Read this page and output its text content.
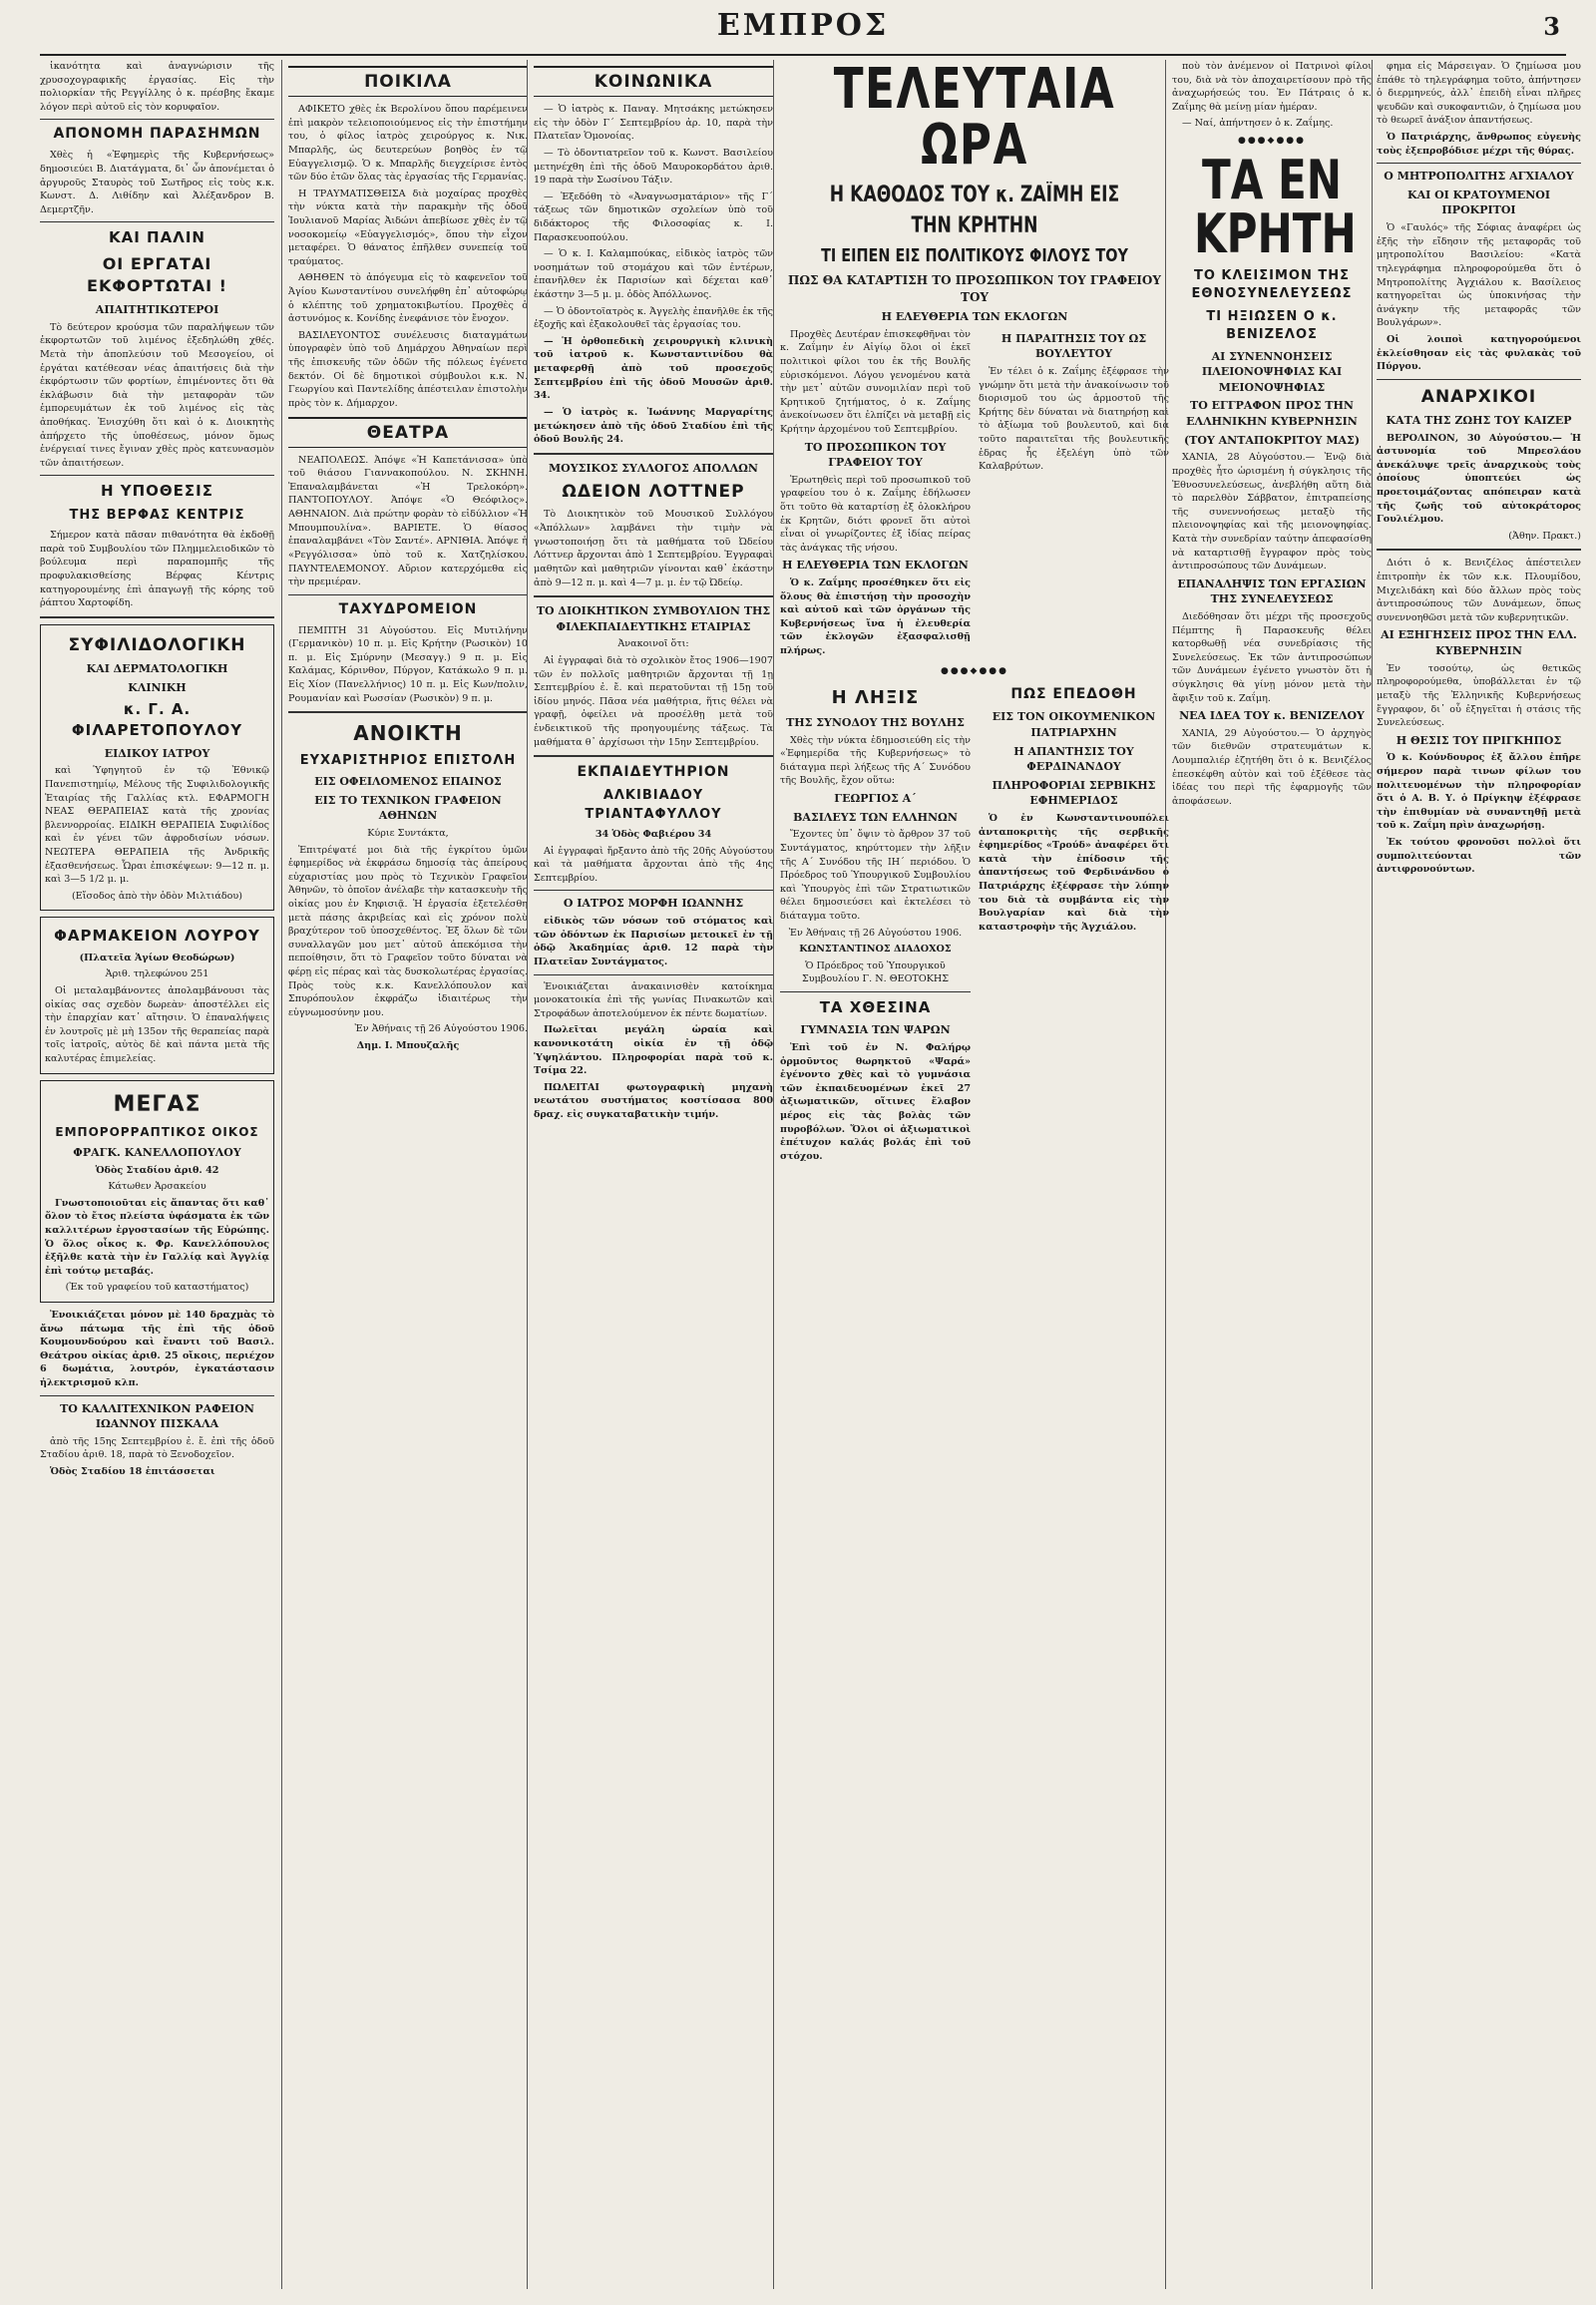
ΕΜΠΡΟΣ	3

ἱκανότητα καὶ ἀναγνώρισιν τῆς χρυσοχογραφικῆς ἐργασίας. Εἰς τὴν πολιορκίαν τῆς Ρεγγίλλης ὁ κ. πρέσβης ἔκαμε λόγον περὶ αὐτοῦ εἰς τὸν κορυφαῖον.

ΑΠΟΝΟΜΗ ΠΑΡΑΣΗΜΩΝ

Χθὲς ἡ «Ἐφημερὶς τῆς Κυβερνήσεως» δημοσιεύει Β. Διατάγματα, δι᾽ ὧν ἀπονέμεται ὁ ἀργυροῦς Σταυρὸς τοῦ Σωτῆρος εἰς τοὺς κ.κ. Κωνστ. Δ. Λιθίδην καὶ Ἀλέξανδρον Β. Δεμερτζῆν.

ΚΑΙ ΠΑΛΙΝ
ΟΙ ΕΡΓΑΤΑΙ ΕΚΦΟΡΤΩΤΑΙ !
ΑΠΑΙΤΗΤΙΚΩΤΕΡΟΙ

Τὸ δεύτερον κρούσμα τῶν παραλήψεων τῶν ἐκφορτωτῶν τοῦ λιμένος ἐξεδηλώθη χθές. Μετὰ τὴν ἀποπλεύσιν τοῦ Μεσογείου, οἱ ἐργάται κατέθεσαν νέας ἀπαιτήσεις διὰ τὴν ἐκφόρτωσιν τῶν φορτίων, ἐπιμένοντες ὅτι θὰ ἐκλάβωσιν διὰ τὴν μεταφορὰν τῶν ἐμπορευμάτων ἐκ τοῦ λιμένος εἰς τὰς ἀποθήκας. Ἐνισχύθη ὅτι καὶ ὁ κ. Διοικητὴς ἀπήρχετο τῆς ὑποθέσεως, μόνον ὅμως ἐνέργειαί τινες ἔγιναν χθὲς πρὸς κατευνασμὸν τῶν ἀπαιτήσεων.

Η ΥΠΟΘΕΣΙΣ
ΤΗΣ ΒΕΡΦΑΣ ΚΕΝΤΡΙΣ

Σήμερον κατὰ πᾶσαν πιθανότητα θὰ ἐκδοθῇ παρὰ τοῦ Συμβουλίου τῶν Πλημμελειοδικῶν τὸ βούλευμα περὶ παραπομπῆς τῆς προφυλακισθείσης Βέρφας Κέντρις κατηγορουμένης ἐπὶ ἀπαγωγῇ τῆς κόρης τοῦ ῥάπτου Χαρτοφίδη.

ΣΥΦΙΛΙΔΟΛΟΓΙΚΗ
ΚΑΙ ΔΕΡΜΑΤΟΛΟΓΙΚΗ
ΚΛΙΝΙΚΗ
κ. Γ. Α. ΦΙΛΑΡΕΤΟΠΟΥΛΟΥ
ΕΙΔΙΚΟΥ ΙΑΤΡΟΥ

καὶ Ὑφηγητοῦ ἐν τῷ Ἐθνικῷ Πανεπιστημίῳ, Μέλους τῆς Συφιλιδολογικῆς Ἑταιρίας τῆς Γαλλίας κτλ. ΕΦΑΡΜΟΓΗ ΝΕΑΣ ΘΕΡΑΠΕΙΑΣ κατὰ τῆς χρονίας βλεννορροίας. ΕΙΔΙΚΗ ΘΕΡΑΠΕΙΑ Συφιλίδος καὶ ἐν γένει τῶν ἀφροδισίων νόσων. ΝΕΩΤΕΡΑ ΘΕΡΑΠΕΙΑ τῆς Ἀνδρικῆς ἐξασθενήσεως. Ὧραι ἐπισκέψεων: 9—12 π. μ. καὶ 3—5 1/2 μ. μ.

(Εἴσοδος ἀπὸ τὴν ὁδὸν Μιλτιάδου)

ΦΑΡΜΑΚΕΙΟΝ ΛΟΥΡΟΥ

(Πλατεῖα Ἁγίων Θεοδώρων)

Ἀριθ. τηλεφώνου 251

Οἱ μεταλαμβάνοντες ἀπολαμβάνουσι τὰς οἰκίας σας σχεδὸν δωρεὰν· ἀποστέλλει εἰς τὴν ἐπαρχίαν κατ᾽ αἴτησιν. Ὁ ἐπαναλήψεις ἐν λουτροῖς μὲ μὴ 135ον τῆς θεραπείας παρὰ τοῖς ἱατροῖς, αὐτὸς δὲ καὶ πάντα μετὰ τῆς καλυτέρας ἐπιμελείας.

ΜΕΓΑΣ
ΕΜΠΟΡΟΡΡΑΠΤΙΚΟΣ ΟΙΚΟΣ
ΦΡΑΓΚ. ΚΑΝΕΛΛΟΠΟΥΛΟΥ

Ὁδὸς Σταδίου ἀριθ. 42

Κάτωθεν Ἀρσακείου

Γνωστοποιοῦται εἰς ἅπαντας ὅτι καθ᾽ ὅλον τὸ ἔτος πλείστα ὑφάσματα ἐκ τῶν καλλιτέρων ἐργοστασίων τῆς Εὐρώπης. Ὁ ὅλος οἶκος κ. Φρ. Κανελλόπουλος ἐξῆλθε κατὰ τὴν ἐν Γαλλίᾳ καὶ Ἀγγλίᾳ ἐπὶ τούτῳ μεταβάς.

(Ἐκ τοῦ γραφείου τοῦ καταστήματος)

Ἐνοικιάζεται μόνον μὲ 140 δραχμὰς τὸ ἄνω πάτωμα τῆς ἐπὶ τῆς ὁδοῦ Κουμουνδούρου καὶ ἔναντι τοῦ Βασιλ. Θεάτρου οἰκίας ἀριθ. 25 οἴκοις, περιέχον 6 δωμάτια, λουτρόν, ἐγκατάστασιν ἠλεκτρισμοῦ κλπ.

ΤΟ ΚΑΛΛΙΤΕΧΝΙΚΟΝ ΡΑΦΕΙΟΝ ΙΩΑΝΝΟΥ ΠΙΣΚΑΛΑ

ἀπὸ τῆς 15ης Σεπτεμβρίου ἐ. ἔ. ἐπὶ τῆς ὁδοῦ Σταδίου ἀριθ. 18, παρὰ τὸ Ξενοδοχεῖον.

Ὁδὸς Σταδίου 18 ἐπιτάσσεται

ΠΟΙΚΙΛΑ

ΑΦΙΚΕΤΟ χθὲς ἐκ Βερολίνου ὅπου παρέμεινεν ἐπὶ μακρὸν τελειοποιούμενος εἰς τὴν ἐπιστήμην του, ὁ φίλος ἰατρὸς χειρούργος κ. Νικ. Μπαρλῆς, ὡς δευτερεύων βοηθὸς ἐν τῷ Εὐαγγελισμῷ. Ὁ κ. Μπαρλῆς διεγχείρισε ἐντὸς τῶν δύο ἐτῶν ὅλας τὰς ἐργασίας τῆς Γερμανίας.

Η ΤΡΑΥΜΑΤΙΣΘΕΙΣΑ διὰ μοχαίρας προχθὲς τὴν νύκτα κατὰ τὴν παρακμὴν τῆς ὁδοῦ Ἰουλιανοῦ Μαρίας Ἀιδώνι ἀπεβίωσε χθὲς ἐν τῷ νοσοκομείῳ «Εὐαγγελισμός», ὅπου τὴν εἶχον μεταφέρει. Ὁ θάνατος ἐπῆλθεν συνεπείᾳ τοῦ τραύματος.

ΑΘΗΘΕΝ τὸ ἀπόγευμα εἰς τὸ καφενεῖον τοῦ Ἀγίου Κωνσταντίνου συνελήφθη ἐπ᾽ αὐτοφώρῳ ὁ κλέπτης τοῦ χρηματοκιβωτίου. Προχθὲς ὁ ἀστυνόμος κ. Κονίδης ἐνεφάνισε τὸν ἔνοχον.

ΒΑΣΙΛΕΥΟΝΤΟΣ συνέλευσις διαταγμάτων ὑπογραφὲν ὑπὸ τοῦ Δημάρχου Ἀθηναίων περὶ τῆς ἐπισκευῆς τῶν ὁδῶν τῆς πόλεως ἐγένετο δεκτόν. Οἱ δὲ δημοτικοὶ σύμβουλοι κ.κ. Ν. Γεωργίου καὶ Παντελίδης ἀπέστειλαν ἐπιστολὴν πρὸς τὸν κ. Δήμαρχον.

ΘΕΑΤΡΑ

ΝΕΑΠΟΛΕΩΣ. Ἀπόψε «Ἡ Καπετάνισσα» ὑπὸ τοῦ θιάσου Γιαννακοπούλου. Ν. ΣΚΗΝΗ. Ἐπαναλαμβάνεται «Ἡ Τρελοκόρη». ΠΑΝΤΟΠΟΥΛΟΥ. Ἀπόψε «Ὁ Θεόφιλος». ΑΘΗΝΑΙΟΝ. Διὰ πρώτην φορὰν τὸ εἰδύλλιον «Ἡ Μπουμπουλίνα». ΒΑΡΙΕΤΕ. Ὁ θίασος ἐπαναλαμβάνει «Τὸν Σαντέ». ΑΡΝΙΘΙΑ. Ἀπόψε ἡ «Ρεγγόλισσα» ὑπὸ τοῦ κ. Χατζηλίσκου. ΠΑΥΝΤΕΛΕΜΟΝΟΥ. Αὔριον κατερχόμεθα εἰς τὴν πρεμιέραν.

ΤΑΧΥΔΡΟΜΕΙΟΝ

ΠΕΜΠΤΗ 31 Αὐγούστου. Εἰς Μυτιλήνην (Γερμανικὸν) 10 π. μ. Εἰς Κρήτην (Ρωσικὸν) 10 π. μ. Εἰς Σμύρνην (Μεσαγγ.) 9 π. μ. Εἰς Καλάμας, Κόρινθον, Πύργον, Κατάκωλο 9 π. μ. Εἰς Χίον (Πανελλήνιος) 10 π. μ. Εἰς Κων/πολιν, Ρουμανίαν καὶ Ρωσσίαν (Ρωσικὸν) 9 π. μ.

ΑΝΟΙΚΤΗ
ΕΥΧΑΡΙΣΤΗΡΙΟΣ ΕΠΙΣΤΟΛΗ
ΕΙΣ ΟΦΕΙΛΟΜΕΝΟΣ ΕΠΑΙΝΟΣ
ΕΙΣ ΤΟ ΤΕΧΝΙΚΟΝ ΓΡΑΦΕΙΟΝ ΑΘΗΝΩΝ

Κύριε Συντάκτα,

Ἐπιτρέψατέ μοι διὰ τῆς ἐγκρίτου ὑμῶν ἐφημερίδος νὰ ἐκφράσω δημοσίᾳ τὰς ἀπείρους εὐχαριστίας μου πρὸς τὸ Τεχνικὸν Γραφεῖον Ἀθηνῶν, τὸ ὁποῖον ἀνέλαβε τὴν κατασκευὴν τῆς οἰκίας μου ἐν Κηφισιᾷ. Ἡ ἐργασία ἐξετελέσθη μετὰ πάσης ἀκριβείας καὶ εἰς χρόνον πολὺ βραχύτερον τοῦ ὑποσχεθέντος. Ἐξ ὅλων δὲ τῶν συναλλαγῶν μου μετ᾽ αὐτοῦ ἀπεκόμισα τὴν πεποίθησιν, ὅτι τὸ Γραφεῖον τοῦτο δύναται νὰ φέρῃ εἰς πέρας καὶ τὰς δυσκολωτέρας ἐργασίας. Πρὸς τοὺς κ.κ. Κανελλόπουλον καὶ Σπυρόπουλον ἐκφράζω ἰδιαιτέρως τὴν εὐγνωμοσύνην μου.

Ἐν Ἀθήναις τῇ 26 Αὐγούστου 1906.

Δημ. Ι. Μπουζαλῆς

ΚΟΙΝΩΝΙΚΑ

— Ὁ ἰατρὸς κ. Παναγ. Μητσάκης μετώκησεν εἰς τὴν ὁδὸν Γ΄ Σεπτεμβρίου ἀρ. 10, παρὰ τὴν Πλατεῖαν Ὁμονοίας.

— Τὸ ὀδοντιατρεῖον τοῦ κ. Κωνστ. Βασιλείου μετηνέχθη ἐπὶ τῆς ὁδοῦ Μαυροκορδάτου ἀριθ. 19 παρὰ τὴν Σωσίνου Τάξιν.

— Ἐξεδόθη τὸ «Ἀναγνωσματάριον» τῆς Γ΄ τάξεως τῶν δημοτικῶν σχολείων ὑπὸ τοῦ διδάκτορος τῆς Φιλοσοφίας κ. Ι. Παρασκευοπούλου.

— Ὁ κ. Ι. Καλαμπούκας, εἰδικὸς ἰατρὸς τῶν νοσημάτων τοῦ στομάχου καὶ τῶν ἐντέρων, ἐπανῆλθεν ἐκ Παρισίων καὶ δέχεται καθ᾽ ἑκάστην 3—5 μ. μ. ὁδὸς Ἀπόλλωνος.

— Ὁ ὀδοντοϊατρὸς κ. Ἀγγελὴς ἐπανῆλθε ἐκ τῆς ἐξοχῆς καὶ ἐξακολουθεῖ τὰς ἐργασίας του.

— Ἡ ὀρθοπεδικὴ χειρουργικὴ κλινικὴ τοῦ ἰατροῦ κ. Κωνσταντινίδου θὰ μεταφερθῇ ἀπὸ τοῦ προσεχοῦς Σεπτεμβρίου ἐπὶ τῆς ὁδοῦ Μουσῶν ἀριθ. 34.

— Ὁ ἰατρὸς κ. Ἰωάννης Μαργαρίτης μετώκησεν ἀπὸ τῆς ὁδοῦ Σταδίου ἐπὶ τῆς ὁδοῦ Βουλῆς 24.

ΜΟΥΣΙΚΟΣ ΣΥΛΛΟΓΟΣ ΑΠΟΛΛΩΝ
ΩΔΕΙΟΝ ΛΟΤΤΝΕΡ

Τὸ Διοικητικὸν τοῦ Μουσικοῦ Συλλόγου «Ἀπόλλων» λαμβάνει τὴν τιμὴν νὰ γνωστοποιήσῃ ὅτι τὰ μαθήματα τοῦ Ὠδείου Λόττνερ ἄρχονται ἀπὸ 1 Σεπτεμβρίου. Ἐγγραφαὶ μαθητῶν καὶ μαθητριῶν γίνονται καθ᾽ ἑκάστην ἀπὸ 9—12 π. μ. καὶ 4—7 μ. μ. ἐν τῷ Ὠδείῳ.

ΤΟ ΔΙΟΙΚΗΤΙΚΟΝ ΣΥΜΒΟΥΛΙΟΝ ΤΗΣ ΦΙΛΕΚΠΑΙΔΕΥΤΙΚΗΣ ΕΤΑΙΡΙΑΣ

Ἀνακοινοῖ ὅτι:

Αἱ ἐγγραφαὶ διὰ τὸ σχολικὸν ἔτος 1906—1907 τῶν ἐν πολλοῖς μαθητριῶν ἄρχονται τῇ 1ῃ Σεπτεμβρίου ἐ. ἔ. καὶ περατοῦνται τῇ 15ῃ τοῦ ἰδίου μηνός. Πᾶσα νέα μαθήτρια, ἥτις θέλει νὰ γραφῇ, ὀφείλει νὰ προσέλθῃ μετὰ τοῦ ἐνδεικτικοῦ τῆς προηγουμένης τάξεως. Τὰ μαθήματα θ᾽ ἀρχίσωσι τὴν 15ην Σεπτεμβρίου.

ΕΚΠΑΙΔΕΥΤΗΡΙΟΝ
ΑΛΚΙΒΙΑΔΟΥ ΤΡΙΑΝΤΑΦΥΛΛΟΥ

34 Ὁδὸς Φαβιέρου 34

Αἱ ἐγγραφαὶ ἤρξαντο ἀπὸ τῆς 20ῆς Αὐγούστου καὶ τὰ μαθήματα ἄρχονται ἀπὸ τῆς 4ης Σεπτεμβρίου.

Ο ΙΑΤΡΟΣ ΜΟΡΦΗ ΙΩΑΝΝΗΣ

εἰδικὸς τῶν νόσων τοῦ στόματος καὶ τῶν ὀδόντων ἐκ Παρισίων μετοικεῖ ἐν τῇ ὁδῷ Ἀκαδημίας ἀριθ. 12 παρὰ τὴν Πλατεῖαν Συντάγματος.

Ἐνοικιάζεται ἀνακαινισθὲν κατοίκημα μονοκατοικία ἐπὶ τῆς γωνίας Πινακωτῶν καὶ Στροφάδων ἀποτελούμενον ἐκ πέντε δωματίων.

Πωλεῖται μεγάλη ὡραία καὶ κανονικοτάτη οἰκία ἐν τῇ ὁδῷ Ὑψηλάντου. Πληροφορίαι παρὰ τοῦ κ. Τσίμα 22.

ΠΩΛΕΙΤΑΙ φωτογραφικὴ μηχανὴ νεωτάτου συστήματος κοστίσασα 800 δραχ. εἰς συγκαταβατικὴν τιμήν.

ΤΕΛΕΥΤΑΙΑ ΩΡΑ
Η ΚΑΘΟΔΟΣ ΤΟΥ κ. ΖΑΪΜΗ ΕΙΣ ΤΗΝ ΚΡΗΤΗΝ
ΤΙ ΕΙΠΕΝ ΕΙΣ ΠΟΛΙΤΙΚΟΥΣ ΦΙΛΟΥΣ ΤΟΥ
ΠΩΣ ΘΑ ΚΑΤΑΡΤΙΣΗ ΤΟ ΠΡΟΣΩΠΙΚΟΝ ΤΟΥ ΓΡΑΦΕΙΟΥ ΤΟΥ
Η ΕΛΕΥΘΕΡΙΑ ΤΩΝ ΕΚΛΟΓΩΝ

Προχθὲς Δευτέραν ἐπισκεφθῆναι τὸν κ. Ζαΐμην ἐν Αἰγίῳ ὅλοι οἱ ἐκεῖ πολιτικοὶ φίλοι του ἐκ τῆς Βουλῆς εὑρισκόμενοι. Λόγου γενομένου κατὰ τὴν μετ᾽ αὐτῶν συνομιλίαν περὶ τοῦ Κρητικοῦ ζητήματος, ὁ κ. Ζαΐμης ἀνεκοίνωσεν ὅτι ἐλπίζει νὰ μεταβῇ εἰς Κρήτην ἀρχομένου τοῦ Σεπτεμβρίου.

ΤΟ ΠΡΟΣΩΠΙΚΟΝ ΤΟΥ ΓΡΑΦΕΙΟΥ ΤΟΥ

Ἐρωτηθεὶς περὶ τοῦ προσωπικοῦ τοῦ γραφείου του ὁ κ. Ζαΐμης ἐδήλωσεν ὅτι τοῦτο θὰ καταρτίσῃ ἐξ ὁλοκλήρου ἐκ Κρητῶν, διότι φρονεῖ ὅτι αὐτοὶ εἶναι οἱ γνωρίζοντες ἐξ ἰδίας πείρας τὰς ἀνάγκας τῆς νήσου.

Η ΕΛΕΥΘΕΡΙΑ ΤΩΝ ΕΚΛΟΓΩΝ

Ὁ κ. Ζαΐμης προσέθηκεν ὅτι εἰς ὅλους θὰ ἐπιστήσῃ τὴν προσοχὴν καὶ αὐτοῦ καὶ τῶν ὀργάνων τῆς Κυβερνήσεως ἵνα ἡ ἐλευθερία τῶν ἐκλογῶν ἐξασφαλισθῇ πλήρως.

Η ΠΑΡΑΙΤΗΣΙΣ ΤΟΥ ΩΣ ΒΟΥΛΕΥΤΟΥ

Ἐν τέλει ὁ κ. Ζαΐμης ἐξέφρασε τὴν γνώμην ὅτι μετὰ τὴν ἀνακοίνωσιν τοῦ διορισμοῦ του ὡς ἁρμοστοῦ τῆς Κρήτης δὲν δύναται νὰ διατηρήσῃ καὶ τὸ ἀξίωμα τοῦ βουλευτοῦ, καὶ διὰ τοῦτο παραιτεῖται τῆς βουλευτικῆς ἐδρας ἧς ἐξελέγη ὑπὸ τῶν Καλαβρύτων.

●●●◆●●●
Η ΛΗΞΙΣ
ΤΗΣ ΣΥΝΟΔΟΥ ΤΗΣ ΒΟΥΛΗΣ

Χθὲς τὴν νύκτα ἐδημοσιεύθη εἰς τὴν «Ἐφημερίδα τῆς Κυβερνήσεως» τὸ διάταγμα περὶ λήξεως τῆς Α΄ Συνόδου τῆς Βουλῆς, ἔχον οὕτω:

ΓΕΩΡΓΙΟΣ Α΄
ΒΑΣΙΛΕΥΣ ΤΩΝ ΕΛΛΗΝΩΝ

Ἔχοντες ὑπ᾽ ὄψιν τὸ ἄρθρον 37 τοῦ Συντάγματος, κηρύττομεν τὴν λῆξιν τῆς Α΄ Συνόδου τῆς ΙΗ΄ περιόδου. Ὁ Πρόεδρος τοῦ Ὑπουργικοῦ Συμβουλίου καὶ Ὑπουργὸς ἐπὶ τῶν Στρατιωτικῶν θέλει δημοσιεύσει καὶ ἐκτελέσει τὸ διάταγμα τοῦτο.

Ἐν Ἀθήναις τῇ 26 Αὐγούστου 1906.

ΚΩΝΣΤΑΝΤΙΝΟΣ ΔΙΑΔΟΧΟΣ

Ὁ Πρόεδρος τοῦ Ὑπουργικοῦ Συμβουλίου Γ. Ν. ΘΕΟΤΟΚΗΣ

ΤΑ ΧΘΕΣΙΝΑ
ΓΥΜΝΑΣΙΑ ΤΩΝ ΨΑΡΩΝ

Ἐπὶ τοῦ ἐν Ν. Φαλήρῳ ὁρμοῦντος θωρηκτοῦ «Ψαρά» ἐγένοντο χθὲς καὶ τὸ γυμνάσια τῶν ἐκπαιδευομένων ἐκεῖ 27 ἀξιωματικῶν, οἵτινες ἔλαβον μέρος εἰς τὰς βολὰς τῶν πυροβόλων. Ὅλοι οἱ ἀξιωματικοὶ ἐπέτυχον καλάς βολάς ἐπὶ τοῦ στόχου.

ΠΩΣ ΕΠΕΔΟΘΗ
ΕΙΣ ΤΟΝ ΟΙΚΟΥΜΕΝΙΚΟΝ ΠΑΤΡΙΑΡΧΗΝ
Η ΑΠΑΝΤΗΣΙΣ ΤΟΥ ΦΕΡΔΙΝΑΝΔΟΥ
ΠΛΗΡΟΦΟΡΙΑΙ ΣΕΡΒΙΚΗΣ ΕΦΗΜΕΡΙΔΟΣ

Ὁ ἐν Κωνσταντινουπόλει ἀνταποκριτὴς τῆς σερβικῆς ἐφημερίδος «Τρούδ» ἀναφέρει ὅτι κατὰ τὴν ἐπίδοσιν τῆς ἀπαντήσεως τοῦ Φερδινάνδου ὁ Πατριάρχης ἐξέφρασε τὴν λύπην του διὰ τὰ συμβάντα εἰς τὴν Βουλγαρίαν καὶ διὰ τὴν καταστροφὴν τῆς Ἀγχιάλου.

ποὺ τὸν ἀνέμενον οἱ Πατρινοὶ φίλοι του, διὰ νὰ τὸν ἀποχαιρετίσουν πρὸ τῆς ἀναχωρήσεώς του. Ἐν Πάτραις ὁ κ. Ζαΐμης θὰ μείνῃ μίαν ἡμέραν.

— Ναί, ἀπήντησεν ὁ κ. Ζαΐμης.

●●●◆●●●
ΤΑ ΕΝ ΚΡΗΤΗ
ΤΟ ΚΛΕΙΣΙΜΟΝ ΤΗΣ ΕΘΝΟΣΥΝΕΛΕΥΣΕΩΣ
ΤΙ ΗΞΙΩΣΕΝ Ο κ. ΒΕΝΙΖΕΛΟΣ
ΑΙ ΣΥΝΕΝΝΟΗΣΕΙΣ ΠΛΕΙΟΝΟΨΗΦΙΑΣ ΚΑΙ ΜΕΙΟΝΟΨΗΦΙΑΣ
ΤΟ ΕΓΓΡΑΦΟΝ ΠΡΟΣ ΤΗΝ ΕΛΛΗΝΙΚΗΝ ΚΥΒΕΡΝΗΣΙΝ
(ΤΟΥ ΑΝΤΑΠΟΚΡΙΤΟΥ ΜΑΣ)

ΧΑΝΙΑ, 28 Αὐγούστου.— Ἐνῷ διὰ προχθὲς ἦτο ὡρισμένη ἡ σύγκλησις τῆς Ἐθνοσυνελεύσεως, ἀνεβλήθη αὕτη διὰ τὸ παρελθὸν Σάββατον, ἐπιτραπείσης τῆς συνεννοήσεως μεταξὺ τῆς πλειονοψηφίας καὶ τῆς μειονοψηφίας. Κατὰ τὴν συνεδρίαν ταύτην ἀπεφασίσθη νὰ καταρτισθῇ ἔγγραφον πρὸς τοὺς ἀντιπροσώπους τῶν Δυνάμεων.

ΕΠΑΝΑΛΗΨΙΣ ΤΩΝ ΕΡΓΑΣΙΩΝ ΤΗΣ ΣΥΝΕΛΕΥΣΕΩΣ

Διεδόθησαν ὅτι μέχρι τῆς προσεχοῦς Πέμπτης ἢ Παρασκευῆς θέλει κατορθωθῇ νέα συνεδρίασις τῆς Συνελεύσεως. Ἐκ τῶν ἀντιπροσώπων τῶν Δυνάμεων ἐγένετο γνωστὸν ὅτι ἡ σύγκλησις θὰ γίνῃ μόνον μετὰ τὴν ἄφιξιν τοῦ κ. Ζαΐμη.

ΝΕΑ ΙΔΕΑ ΤΟΥ κ. ΒΕΝΙΖΕΛΟΥ

ΧΑΝΙΑ, 29 Αὐγούστου.— Ὁ ἀρχηγὸς τῶν διεθνῶν στρατευμάτων κ. Λουμπαλιέρ ἐζητήθη ὅτι ὁ κ. Βενιζέλος ἐπεσκέφθη αὐτὸν καὶ τοῦ ἐξέθεσε τὰς ἰδέας του περὶ τῆς ἐφαρμογῆς τῶν ἀποφάσεων.

φημα εἰς Μάρσειγαν. Ὁ ζημίωσα μου ἐπάθε τὸ τηλεγράφημα τοῦτο, ἀπήντησεν ὁ διερμηνεύς, ἀλλ᾽ ἐπειδὴ εἶναι πλῆρες ψευδῶν καὶ συκοφαντιῶν, ὁ ζημίωσα μου τὸ θεωρεῖ ἀνάξιον ἀπαντήσεως.

Ὁ Πατριάρχης, ἄνθρωπος εὐγενὴς τοὺς ἐξεπροβόδισε μέχρι τῆς θύρας.

Ο ΜΗΤΡΟΠΟΛΙΤΗΣ ΑΓΧΙΑΛΟΥ
ΚΑΙ ΟΙ ΚΡΑΤΟΥΜΕΝΟΙ ΠΡΟΚΡΙΤΟΙ

Ὁ «Γαυλός» τῆς Σόφιας ἀναφέρει ὡς ἑξῆς τὴν εἴδησιν τῆς μεταφορᾶς τοῦ μητροπολίτου Βασιλείου: «Κατὰ τηλεγράφημα πληροφορούμεθα ὅτι ὁ Μητροπολίτης Ἀγχιάλου κ. Βασίλειος κατηγορεῖται ὡς ὑποκινήσας τὴν ἀνάγκην τῆς μεταφορᾶς τῶν Βουλγάρων».

Οἱ λοιποὶ κατηγορούμενοι ἐκλείσθησαν εἰς τὰς φυλακὰς τοῦ Πύργου.

ΑΝΑΡΧΙΚΟΙ
ΚΑΤΑ ΤΗΣ ΖΩΗΣ ΤΟΥ ΚΑΙΖΕΡ

ΒΕΡΟΛΙΝΟΝ, 30 Αὐγούστου.— Ἡ ἀστυνομία τοῦ Μπρεσλάου ἀνεκάλυψε τρεῖς ἀναρχικοὺς τοὺς ὁποίους ὑποπτεύει ὡς προετοιμάζοντας απόπειραν κατὰ τῆς ζωῆς τοῦ αὐτοκράτορος Γουλιέλμου.

(Ἀθην. Πρακτ.)

Διότι ὁ κ. Βενιζέλος ἀπέστειλεν ἐπιτροπὴν ἐκ τῶν κ.κ. Πλουμίδου, Μιχελιδάκη καὶ δύο ἄλλων πρὸς τοὺς ἀντιπροσώπους τῶν Δυνάμεων, ὅπως συνεννοηθῶσι μετὰ τῶν κυβερνητικῶν.

ΑΙ ΕΞΗΓΗΣΕΙΣ ΠΡΟΣ ΤΗΝ ΕΛΛ. ΚΥΒΕΡΝΗΣΙΝ

Ἐν τοσούτῳ, ὡς θετικῶς πληροφορούμεθα, ὑποβάλλεται ἐν τῷ μεταξὺ τῆς Ἑλληνικῆς Κυβερνήσεως ἔγγραφον, δι᾽ οὗ ἐξηγεῖται ἡ στάσις τῆς Συνελεύσεως.

Η ΘΕΣΙΣ ΤΟΥ ΠΡΙΓΚΗΠΟΣ

Ὁ κ. Κούνδουρος ἐξ ἄλλου ἐπῆρε σήμερον παρὰ τινων φίλων του πολιτευομένων τὴν πληροφορίαν ὅτι ὁ Α. Β. Υ. ὁ Πρίγκηψ ἐξέφρασε τὴν ἐπιθυμίαν νὰ συναντηθῇ μετὰ τοῦ κ. Ζαΐμη πρὶν ἀναχωρήσῃ.

Ἐκ τούτου φρονοῦσι πολλοὶ ὅτι συμπολιτεύονται τῶν ἀντιφρονούντων.
